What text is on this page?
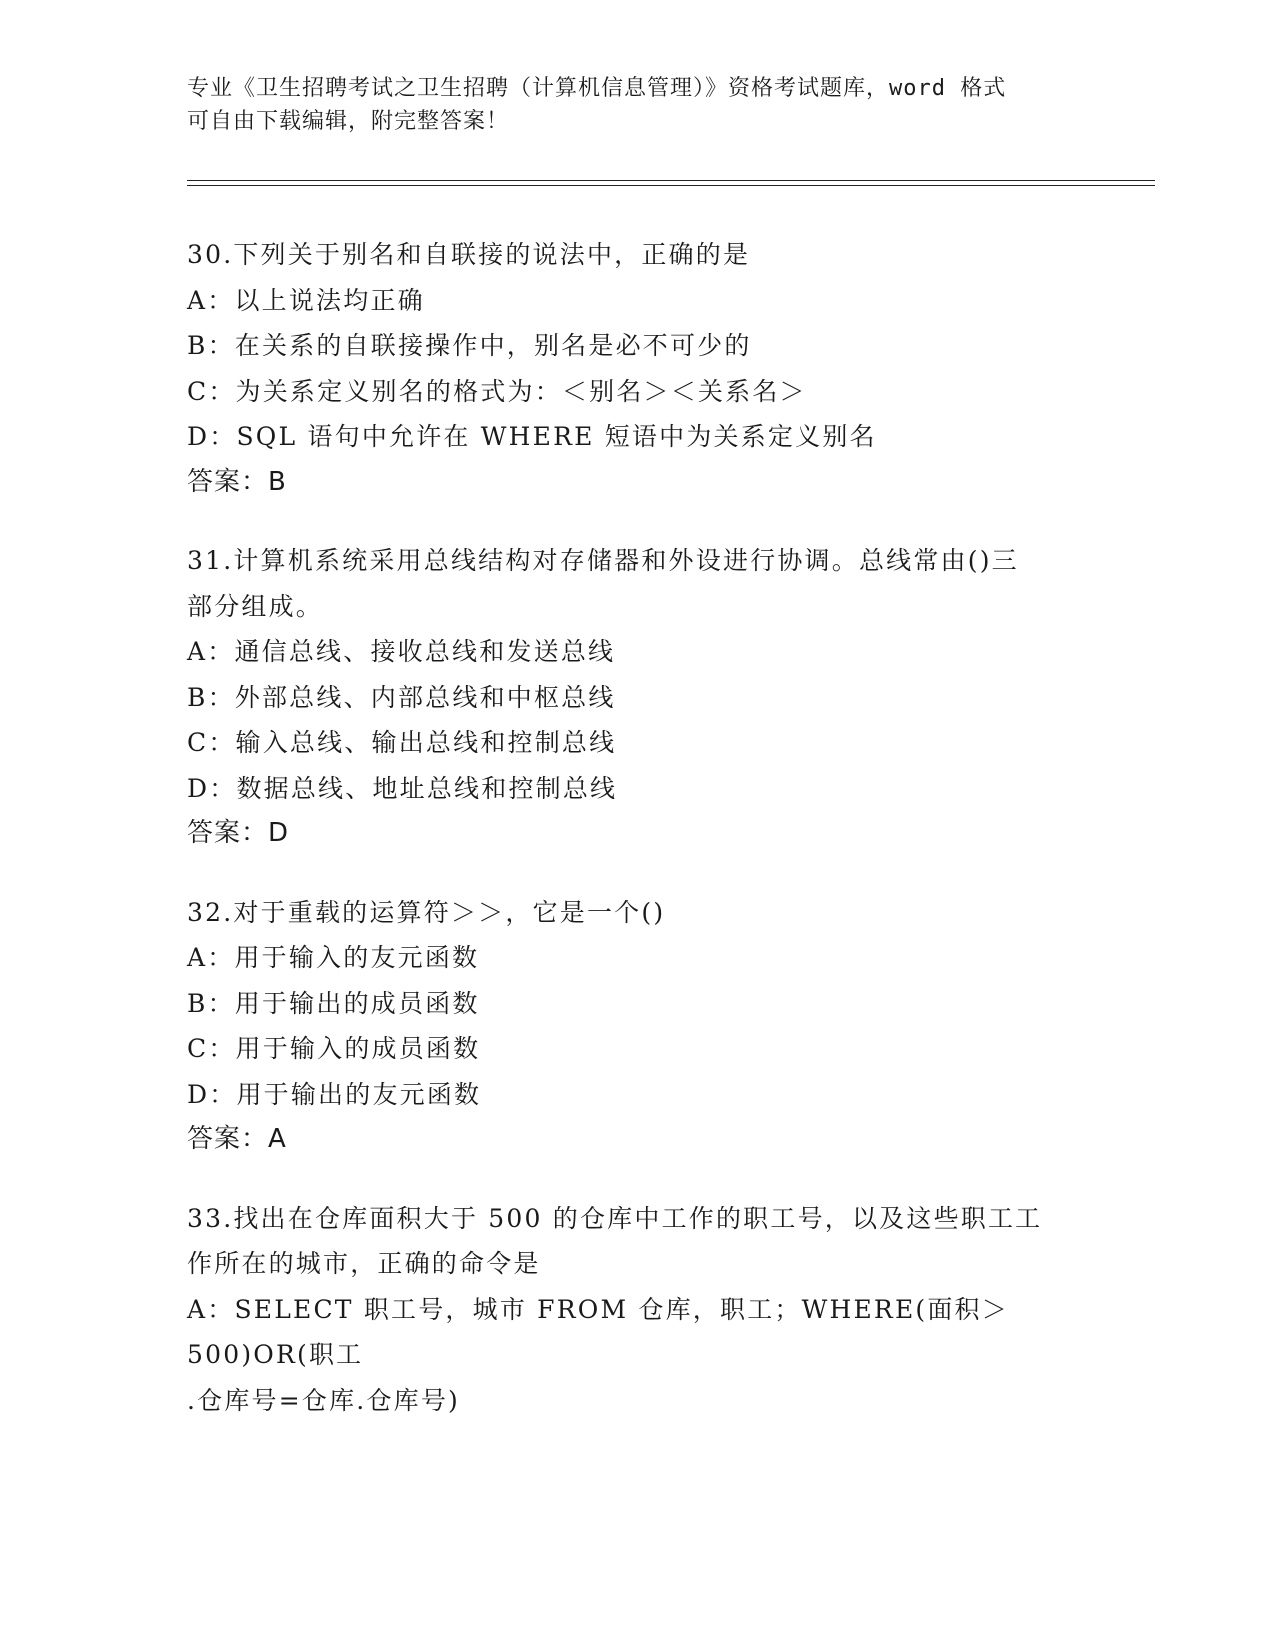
专业《卫生招聘考试之卫生招聘（计算机信息管理）》资格考试题库，word 格式
可自由下载编辑，附完整答案！
30.下列关于别名和自联接的说法中，正确的是
A：以上说法均正确
B：在关系的自联接操作中，别名是必不可少的
C：为关系定义别名的格式为：＜别名＞＜关系名＞
D：SQL 语句中允许在 WHERE 短语中为关系定义别名
答案：B
31.计算机系统采用总线结构对存储器和外设进行协调。总线常由()三
部分组成。
A：通信总线、接收总线和发送总线
B：外部总线、内部总线和中枢总线
C：输入总线、输出总线和控制总线
D：数据总线、地址总线和控制总线
答案：D
32.对于重载的运算符＞＞，它是一个()
A：用于输入的友元函数
B：用于输出的成员函数
C：用于输入的成员函数
D：用于输出的友元函数
答案：A
33.找出在仓库面积大于 500 的仓库中工作的职工号，以及这些职工工
作所在的城市，正确的命令是
A：SELECT 职工号，城市 FROM 仓库，职工；WHERE(面积＞500)OR(职工
.仓库号=仓库.仓库号)
